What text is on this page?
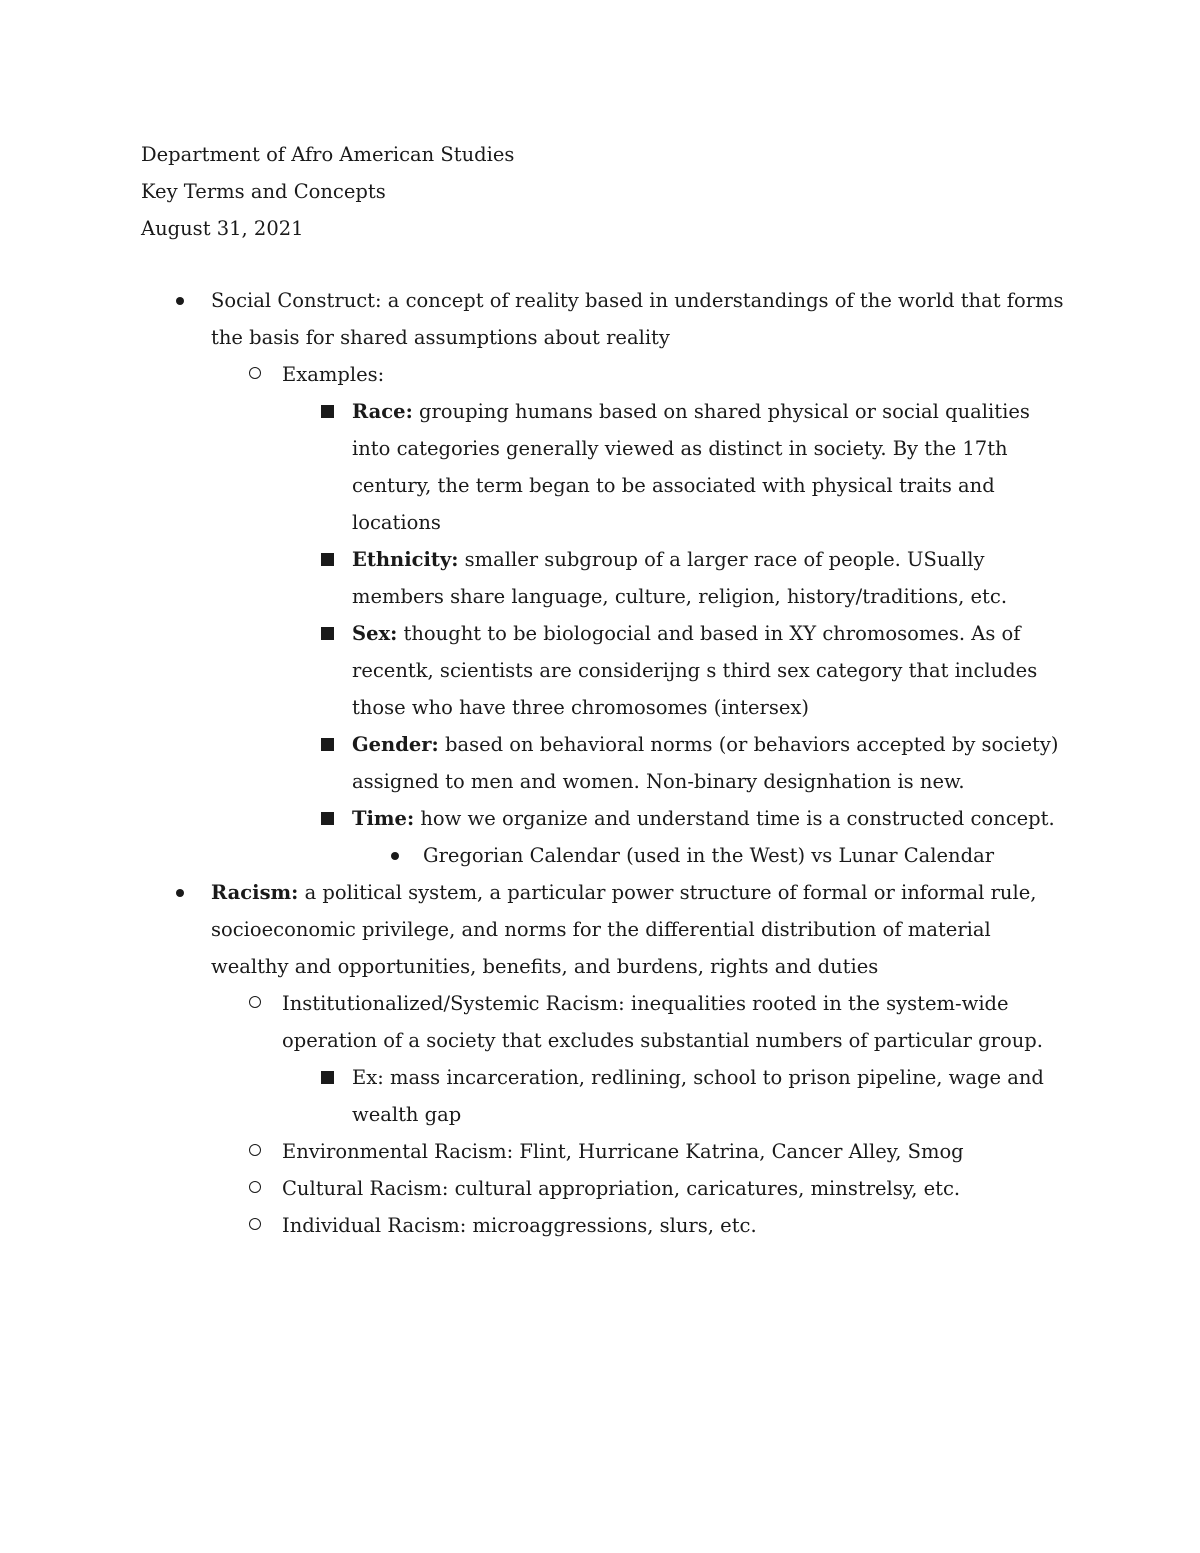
Department of Afro American Studies
Key Terms and Concepts
August 31, 2021
Social Construct: a concept of reality based in understandings of the world that forms the basis for shared assumptions about reality
Examples:
Race: grouping humans based on shared physical or social qualities into categories generally viewed as distinct in society. By the 17th century, the term began to be associated with physical traits and locations
Ethnicity: smaller subgroup of a larger race of people. USually members share language, culture, religion, history/traditions, etc.
Sex: thought to be biologocial and based in XY chromosomes. As of recentk, scientists are considerijng s third sex category that includes those who have three chromosomes (intersex)
Gender: based on behavioral norms (or behaviors accepted by society) assigned to men and women. Non-binary designhation is new.
Time: how we organize and understand time is a constructed concept.
Gregorian Calendar (used in the West) vs Lunar Calendar
Racism: a political system, a particular power structure of formal or informal rule, socioeconomic privilege, and norms for the differential distribution of material wealthy and opportunities, benefits, and burdens, rights and duties
Institutionalized/Systemic Racism: inequalities rooted in the system-wide operation of a society that excludes substantial numbers of particular group.
Ex: mass incarceration, redlining, school to prison pipeline, wage and wealth gap
Environmental Racism: Flint, Hurricane Katrina, Cancer Alley, Smog
Cultural Racism: cultural appropriation, caricatures, minstrelsy, etc.
Individual Racism: microaggressions, slurs, etc.
